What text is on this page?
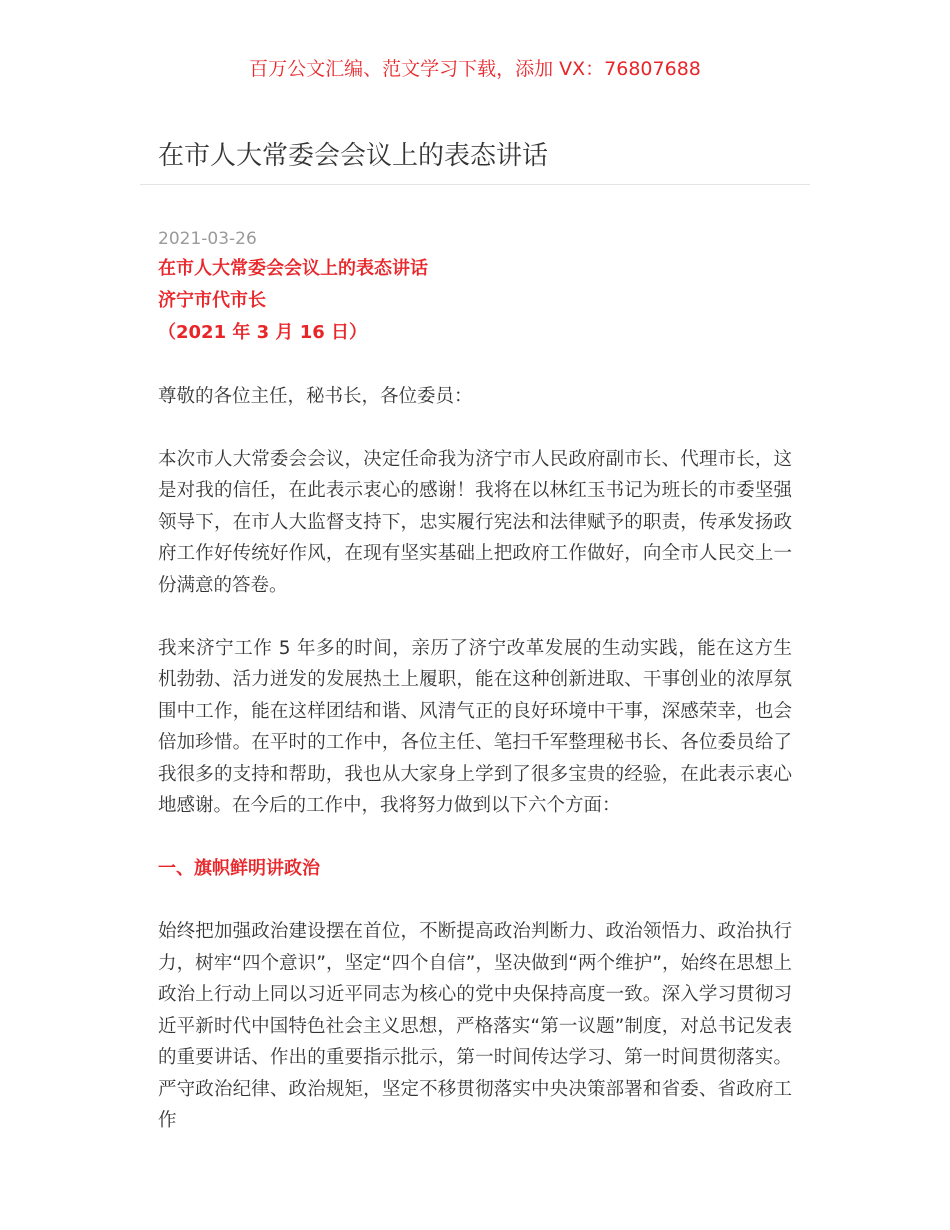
百万公文汇编、范文学习下载，添加 VX：76807688
在市人大常委会会议上的表态讲话

2021-03-26

在市人大常委会会议上的表态讲话

济宁市代市长

（2021 年 3 月 16 日）

尊敬的各位主任，秘书长，各位委员：

本次市人大常委会会议，决定任命我为济宁市人民政府副市长、代理市长，这是对我的信任，在此表示衷心的感谢！我将在以林红玉书记为班长的市委坚强领导下，在市人大监督支持下，忠实履行宪法和法律赋予的职责，传承发扬政府工作好传统好作风，在现有坚实基础上把政府工作做好，向全市人民交上一份满意的答卷。

我来济宁工作 5 年多的时间，亲历了济宁改革发展的生动实践，能在这方生机勃勃、活力迸发的发展热土上履职，能在这种创新进取、干事创业的浓厚氛围中工作，能在这样团结和谐、风清气正的良好环境中干事，深感荣幸，也会倍加珍惜。在平时的工作中，各位主任、笔扫千军整理秘书长、各位委员给了我很多的支持和帮助，我也从大家身上学到了很多宝贵的经验，在此表示衷心地感谢。在今后的工作中，我将努力做到以下六个方面：

一、旗帜鲜明讲政治

始终把加强政治建设摆在首位，不断提高政治判断力、政治领悟力、政治执行力，树牢“四个意识”，坚定“四个自信”，坚决做到“两个维护”，始终在思想上政治上行动上同以习近平同志为核心的党中央保持高度一致。深入学习贯彻习近平新时代中国特色社会主义思想，严格落实“第一议题”制度，对总书记发表的重要讲话、作出的重要指示批示，第一时间传达学习、第一时间贯彻落实。严守政治纪律、政治规矩，坚定不移贯彻落实中央决策部署和省委、省政府工作
